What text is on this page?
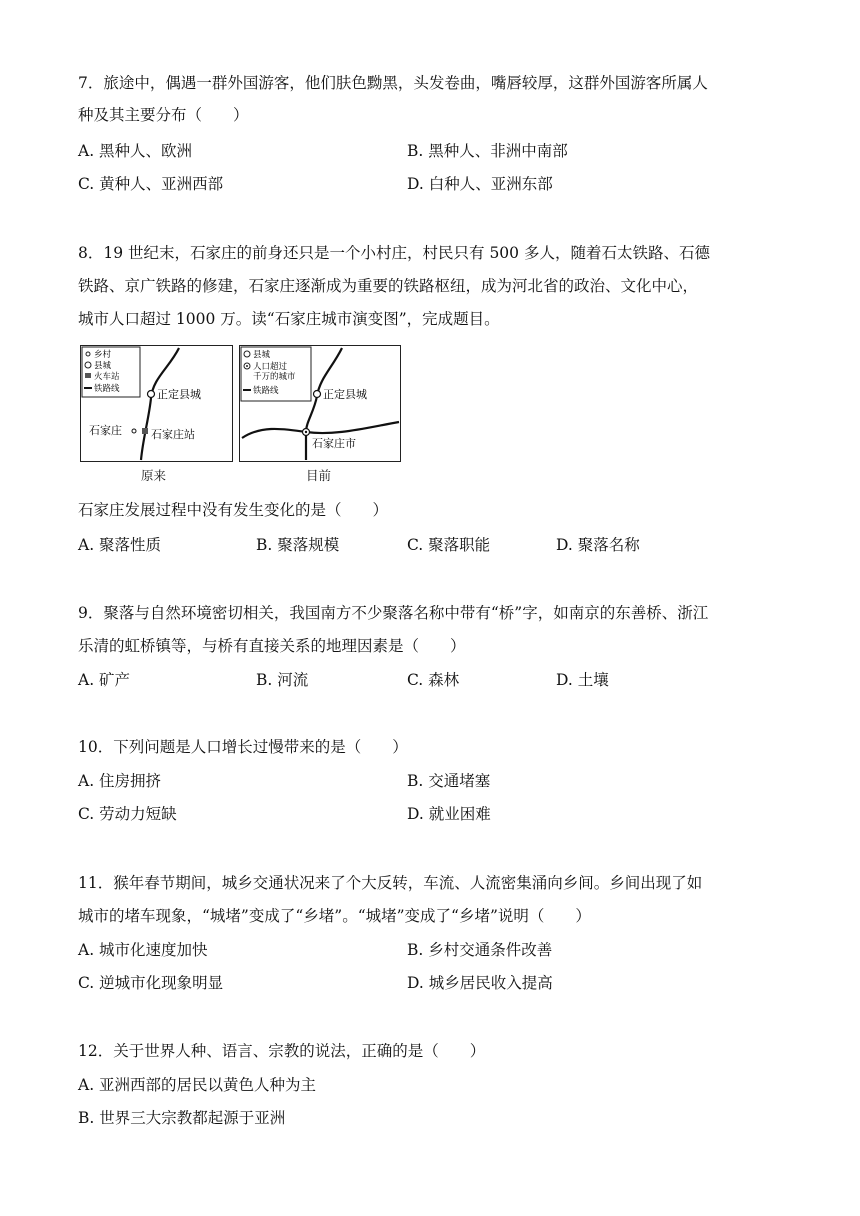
7．旅途中，偶遇一群外国游客，他们肤色黝黑，头发卷曲，嘴唇较厚，这群外国游客所属人
种及其主要分布（　　）
A. 黑种人、欧洲	B. 黑种人、非洲中南部
C. 黄种人、亚洲西部	D. 白种人、亚洲东部
8．19 世纪末，石家庄的前身还只是一个小村庄，村民只有 500 多人，随着石太铁路、石德
铁路、京广铁路的修建，石家庄逐渐成为重要的铁路枢纽，成为河北省的政治、文化中心，
城市人口超过 1000 万。读“石家庄城市演变图”，完成题目。
乡村
县城
火车站
铁路线	正定县城
石家庄	石家庄站
原来
县城
人口超过
千万的城市
铁路线	正定县城
石家庄市
目前
石家庄发展过程中没有发生变化的是（　　）
A. 聚落性质	B. 聚落规模	C. 聚落职能	D. 聚落名称
9．聚落与自然环境密切相关，我国南方不少聚落名称中带有“桥”字，如南京的东善桥、浙江
乐清的虹桥镇等，与桥有直接关系的地理因素是（　　）
A. 矿产	B. 河流	C. 森林	D. 土壤
10．下列问题是人口增长过慢带来的是（　　）
A. 住房拥挤	B. 交通堵塞
C. 劳动力短缺	D. 就业困难
11．猴年春节期间，城乡交通状况来了个大反转，车流、人流密集涌向乡间。乡间出现了如
城市的堵车现象，“城堵”变成了“乡堵”。“城堵”变成了“乡堵”说明（　　）
A. 城市化速度加快	B. 乡村交通条件改善
C. 逆城市化现象明显	D. 城乡居民收入提高
12．关于世界人种、语言、宗教的说法，正确的是（　　）
A. 亚洲西部的居民以黄色人种为主
B. 世界三大宗教都起源于亚洲
